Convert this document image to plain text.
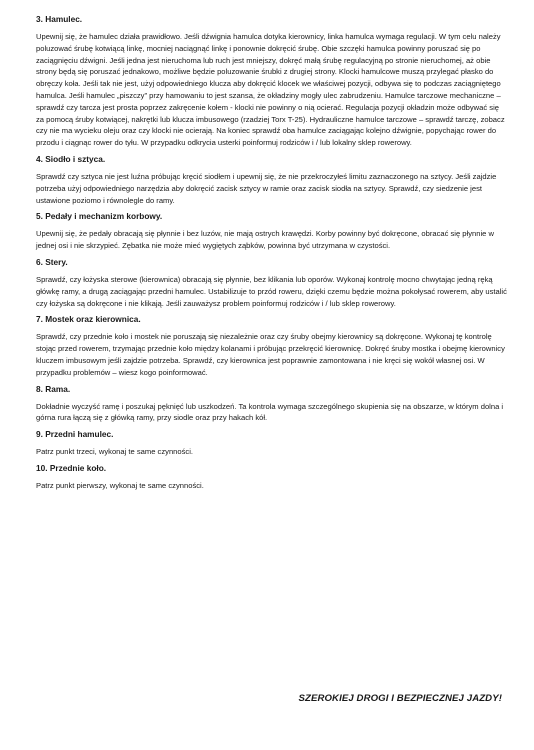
3. Hamulec.

Upewnij się, że hamulec działa prawidłowo. Jeśli dźwignia hamulca dotyka kierownicy, linka hamulca wymaga regulacji. W tym celu należy poluzować śrubę kotwiącą linkę, mocniej naciągnąć linkę i ponownie dokręcić śrubę. Obie szczęki hamulca powinny poruszać się po zaciągnięciu dźwigni. Jeśli jedna jest nieruchoma lub ruch jest mniejszy, dokręć małą śrubę regulacyjną po stronie nieruchomej, aż obie strony będą się poruszać jednakowo, możliwe będzie poluzowanie śrubki z drugiej strony. Klocki hamulcowe muszą przylegać płasko do obręczy koła. Jeśli tak nie jest, użyj odpowiedniego klucza aby dokręcić klocek we właściwej pozycji, odbywa się to podczas zaciągniętego hamulca. Jeśli hamulec „piszczy” przy hamowaniu to jest szansa, że okładziny mogły ulec zabrudzeniu. Hamulce tarczowe mechaniczne – sprawdź czy tarcza jest prosta poprzez zakręcenie kołem - klocki nie powinny o nią ocierać. Regulacja pozycji okładzin może odbywać się za pomocą śruby kotwiącej, nakrętki lub klucza imbusowego (rzadziej Torx T-25). Hydrauliczne hamulce tarczowe – sprawdź tarczę, zobacz czy nie ma wycieku oleju oraz czy klocki nie ocierają. Na koniec sprawdź oba hamulce zaciągając kolejno dźwignie, popychając rower do przodu i ciągnąc rower do tyłu. W przypadku odkrycia usterki poinformuj rodziców i / lub lokalny sklep rowerowy.

4. Siodło i sztyca.

Sprawdź czy sztyca nie jest luźna próbując kręcić siodłem i upewnij się, że nie przekroczyłeś limitu zaznaczonego na sztycy. Jeśli zajdzie potrzeba użyj odpowiedniego narzędzia aby dokręcić zacisk sztycy w ramie oraz zacisk siodła na sztycy. Sprawdź, czy siedzenie jest ustawione poziomo i równolegle do ramy.

5. Pedały i mechanizm korbowy.

Upewnij się, że pedały obracają się płynnie i bez luzów, nie mają ostrych krawędzi. Korby powinny być dokręcone, obracać się płynnie w jednej osi i nie skrzypieć. Zębatka nie może mieć wygiętych ząbków, powinna być utrzymana w czystości.

6. Stery.

Sprawdź, czy łożyska sterowe (kierownica) obracają się płynnie, bez klikania lub oporów. Wykonaj kontrolę mocno chwytając jedną ręką główkę ramy, a drugą zaciągając przedni hamulec. Ustabilizuje to przód roweru, dzięki czemu będzie można pokołysać rowerem, aby ustalić czy łożyska są dokręcone i nie klikają. Jeśli zauważysz problem poinformuj rodziców i / lub sklep rowerowy.

7. Mostek oraz kierownica.

Sprawdź, czy przednie koło i mostek nie poruszają się niezależnie oraz czy śruby obejmy kierownicy są dokręcone. Wykonaj tę kontrolę stojąc przed rowerem, trzymając przednie koło między kolanami i próbując przekręcić kierownicę. Dokręć śruby mostka i obejmę kierownicy kluczem imbusowym jeśli zajdzie potrzeba. Sprawdź, czy kierownica jest poprawnie zamontowana i nie kręci się wokół własnej osi. W przypadku problemów – wiesz kogo poinformować.

8. Rama.

Dokładnie wyczyść ramę i poszukaj pęknięć lub uszkodzeń. Ta kontrola wymaga szczególnego skupienia się na obszarze, w którym dolna i górna rura łączą się z główką ramy, przy siodle oraz przy hakach kół.

9. Przedni hamulec.

Patrz punkt trzeci, wykonaj te same czynności.

10. Przednie koło.

Patrz punkt pierwszy, wykonaj te same czynności.

SZEROKIEJ DROGI I BEZPIECZNEJ JAZDY!
